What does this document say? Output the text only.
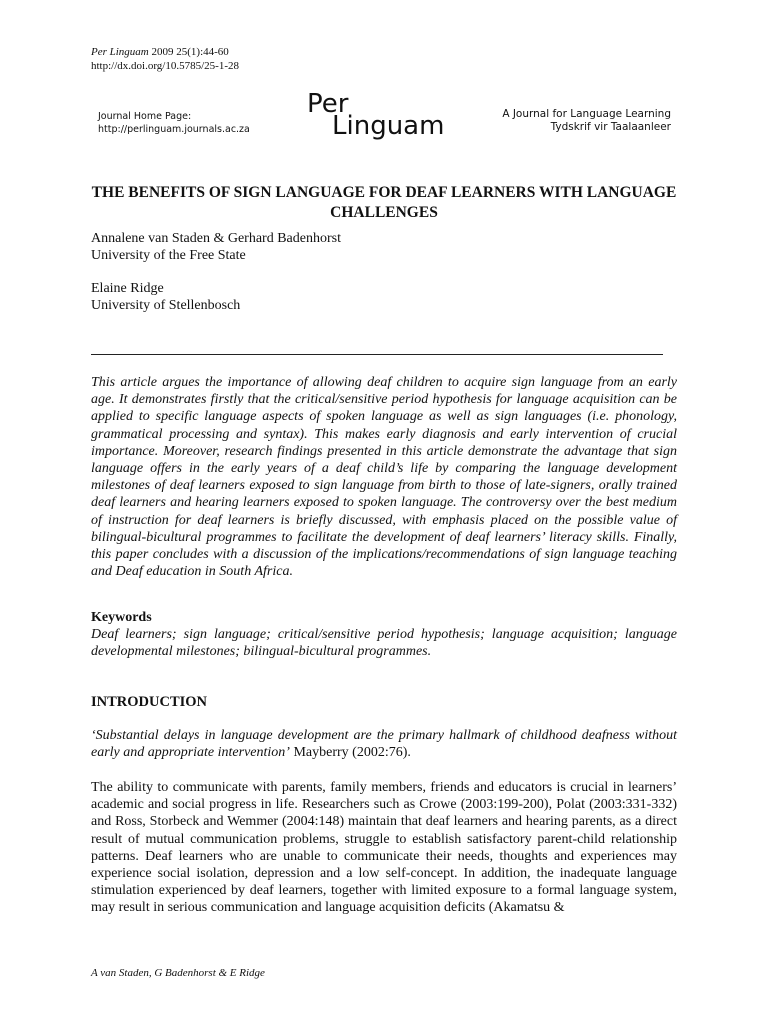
Per Linguam 2009 25(1):44-60
http://dx.doi.org/10.5785/25-1-28
Journal Home Page:
http://perlinguam.journals.ac.za
Per
Linguam	A Journal for Language Learning
Tydskrif vir Taalaanleer
THE BENEFITS OF SIGN LANGUAGE FOR DEAF LEARNERS WITH LANGUAGE CHALLENGES
Annalene van Staden & Gerhard Badenhorst
University of the Free State
Elaine Ridge
University of Stellenbosch

This article argues the importance of allowing deaf children to acquire sign language from an early age. It demonstrates firstly that the critical/sensitive period hypothesis for language acquisition can be applied to specific language aspects of spoken language as well as sign languages (i.e. phonology, grammatical processing and syntax). This makes early diagnosis and early intervention of crucial importance. Moreover, research findings presented in this article demonstrate the advantage that sign language offers in the early years of a deaf child’s life by comparing the language development milestones of deaf learners exposed to sign language from birth to those of late-signers, orally trained deaf learners and hearing learners exposed to spoken language. The controversy over the best medium of instruction for deaf learners is briefly discussed, with emphasis placed on the possible value of bilingual-bicultural programmes to facilitate the development of deaf learners’ literacy skills. Finally, this paper concludes with a discussion of the implications/recommendations of sign language teaching and Deaf education in South Africa.

Keywords

Deaf learners; sign language; critical/sensitive period hypothesis; language acquisition; language developmental milestones; bilingual-bicultural programmes.

INTRODUCTION

‘Substantial delays in language development are the primary hallmark of childhood deafness without early and appropriate intervention’ Mayberry (2002:76).

The ability to communicate with parents, family members, friends and educators is crucial in learners’ academic and social progress in life. Researchers such as Crowe (2003:199-200), Polat (2003:331-332) and Ross, Storbeck and Wemmer (2004:148) maintain that deaf learners and hearing parents, as a direct result of mutual communication problems, struggle to establish satisfactory parent-child relationship patterns. Deaf learners who are unable to communicate their needs, thoughts and experiences may experience social isolation, depression and a low self-concept. In addition, the inadequate language stimulation experienced by deaf learners, together with limited exposure to a formal language system, may result in serious communication and language acquisition deficits (Akamatsu &

A van Staden, G Badenhorst & E Ridge
